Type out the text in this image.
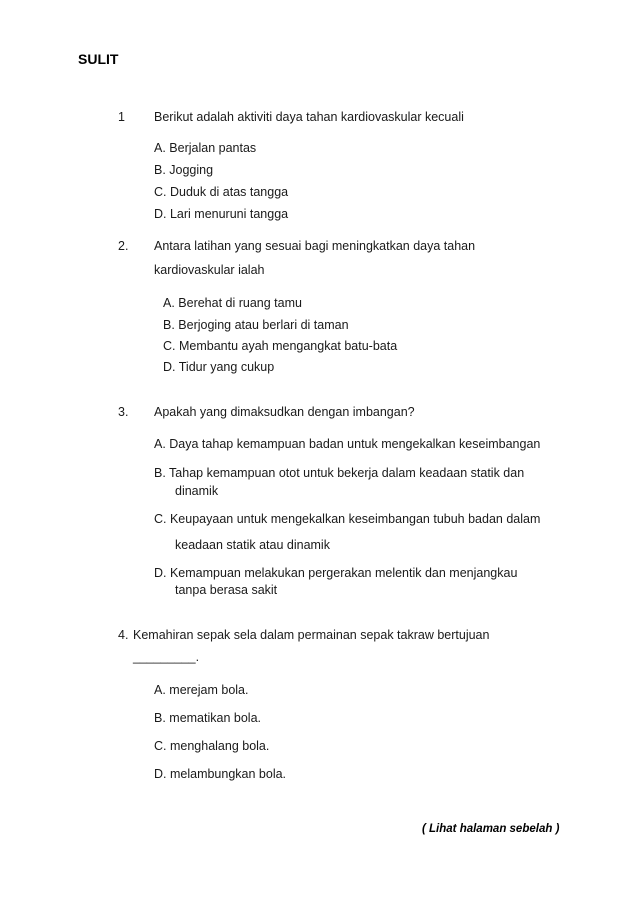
SULIT
1 Berikut adalah aktiviti daya tahan kardiovaskular kecuali
A. Berjalan pantas
B. Jogging
C. Duduk di atas tangga
D. Lari menuruni tangga
2. Antara latihan yang sesuai bagi meningkatkan daya tahan
kardiovaskular ialah
A. Berehat di ruang tamu
B. Berjoging atau berlari di taman
C. Membantu ayah mengangkat batu-bata
D. Tidur yang cukup
3. Apakah yang dimaksudkan dengan imbangan?
A. Daya tahap kemampuan badan untuk mengekalkan keseimbangan
B. Tahap kemampuan otot untuk bekerja dalam keadaan statik dan
dinamik
C. Keupayaan untuk mengekalkan keseimbangan tubuh badan dalam
keadaan statik atau dinamik
D. Kemampuan melakukan pergerakan melentik dan menjangkau
tanpa berasa sakit
4. Kemahiran sepak sela dalam permainan sepak takraw bertujuan
_________.
A. merejam bola.
B. mematikan bola.
C. menghalang bola.
D. melambungkan bola.
( Lihat halaman sebelah )
